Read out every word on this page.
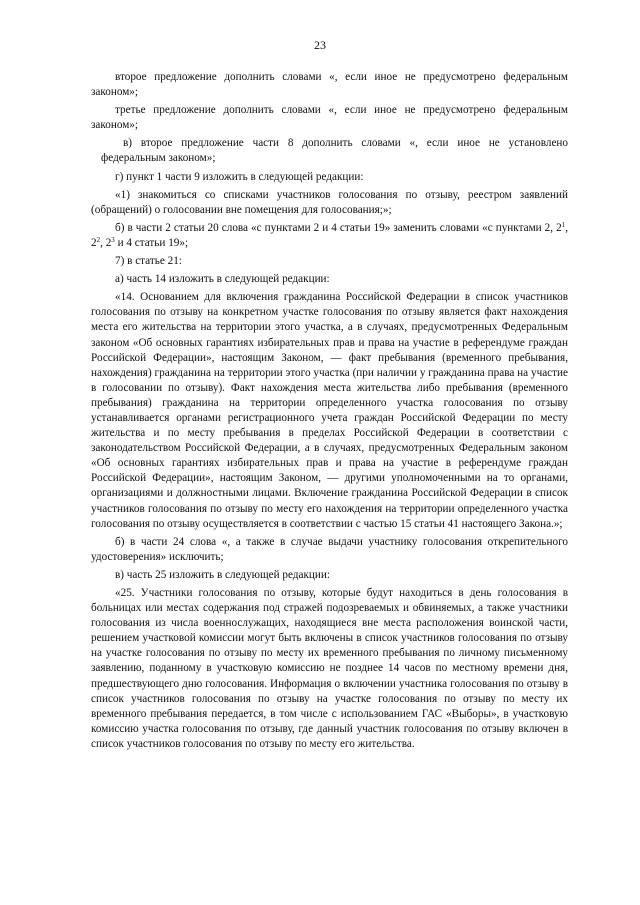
23

второе предложение дополнить словами «, если иное не предусмотрено федеральным законом»;

третье предложение дополнить словами «, если иное не предусмотрено федеральным законом»;

в) второе предложение части 8 дополнить словами «, если иное не установлено федеральным законом»;

г) пункт 1 части 9 изложить в следующей редакции:

«1) знакомиться со списками участников голосования по отзыву, реестром заявлений (обращений) о голосовании вне помещения для голосования;»;

б) в части 2 статьи 20 слова «с пунктами 2 и 4 статьи 19» заменить словами «с пунктами 2, $2^1$, $2^2$, $2^3$ и 4 статьи 19»;

7) в статье 21:

а) часть 14 изложить в следующей редакции:

«14. Основанием для включения гражданина Российской Федерации в список участников голосования по отзыву на конкретном участке голосования по отзыву является факт нахождения места его жительства на территории этого участка, а в случаях, предусмотренных Федеральным законом «Об основных гарантиях избирательных прав и права на участие в референдуме граждан Российской Федерации», настоящим Законом, — факт пребывания (временного пребывания, нахождения) гражданина на территории этого участка (при наличии у гражданина права на участие в голосовании по отзыву). Факт нахождения места жительства либо пребывания (временного пребывания) гражданина на территории определенного участка голосования по отзыву устанавливается органами регистрационного учета граждан Российской Федерации по месту жительства и по месту пребывания в пределах Российской Федерации в соответствии с законодательством Российской Федерации, а в случаях, предусмотренных Федеральным законом «Об основных гарантиях избирательных прав и права на участие в референдуме граждан Российской Федерации», настоящим Законом, — другими уполномоченными на то органами, организациями и должностными лицами. Включение гражданина Российской Федерации в список участников голосования по отзыву по месту его нахождения на территории определенного участка голосования по отзыву осуществляется в соответствии с частью 15 статьи 41 настоящего Закона.»;

б) в части 24 слова «, а также в случае выдачи участнику голосования открепительного удостоверения» исключить;

в) часть 25 изложить в следующей редакции:

«25. Участники голосования по отзыву, которые будут находиться в день голосования в больницах или местах содержания под стражей подозреваемых и обвиняемых, а также участники голосования из числа военнослужащих, находящиеся вне места расположения воинской части, решением участковой комиссии могут быть включены в список участников голосования по отзыву на участке голосования по отзыву по месту их временного пребывания по личному письменному заявлению, поданному в участковую комиссию не позднее 14 часов по местному времени дня, предшествующего дню голосования. Информация о включении участника голосования по отзыву в список участников голосования по отзыву на участке голосования по отзыву по месту их временного пребывания передается, в том числе с использованием ГАС «Выборы», в участковую комиссию участка голосования по отзыву, где данный участник голосования по отзыву включен в список участников голосования по отзыву по месту его жительства.
